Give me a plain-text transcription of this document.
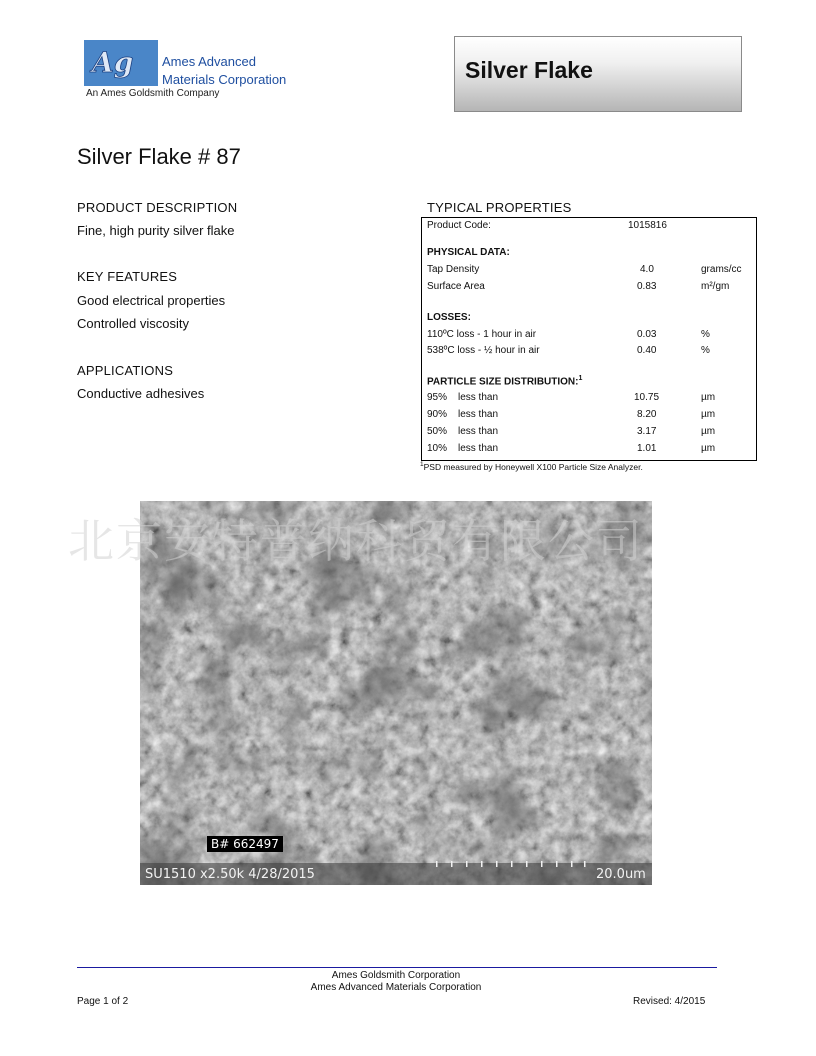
Ag Ames Advanced
Materials Corporation
An Ames Goldsmith Company
Silver Flake
Silver Flake # 87
PRODUCT DESCRIPTION
Fine, high purity silver flake
KEY FEATURES
Good electrical properties
Controlled viscosity
APPLICATIONS
Conductive adhesives
TYPICAL PROPERTIES
Product Code:	1015816
PHYSICAL DATA:
Tap Density	4.0	grams/cc
Surface Area	0.83	m²/gm
LOSSES:
110ºC loss - 1 hour in air	0.03	%
538ºC loss - ½ hour in air	0.40	%
PARTICLE SIZE DISTRIBUTION:$^1$
95% less than	10.75	µm
90% less than	8.20	µm
50% less than	3.17	µm
10% less than	1.01	µm
$^1$PSD measured by Honeywell X100 Particle Size Analyzer.
B# 662497
SU1510 x2.50k 4/28/2015	20.0um
北京安特普纳科贸有限公司
Ames Goldsmith Corporation
Ames Advanced Materials Corporation
Page 1 of 2	Revised: 4/2015
